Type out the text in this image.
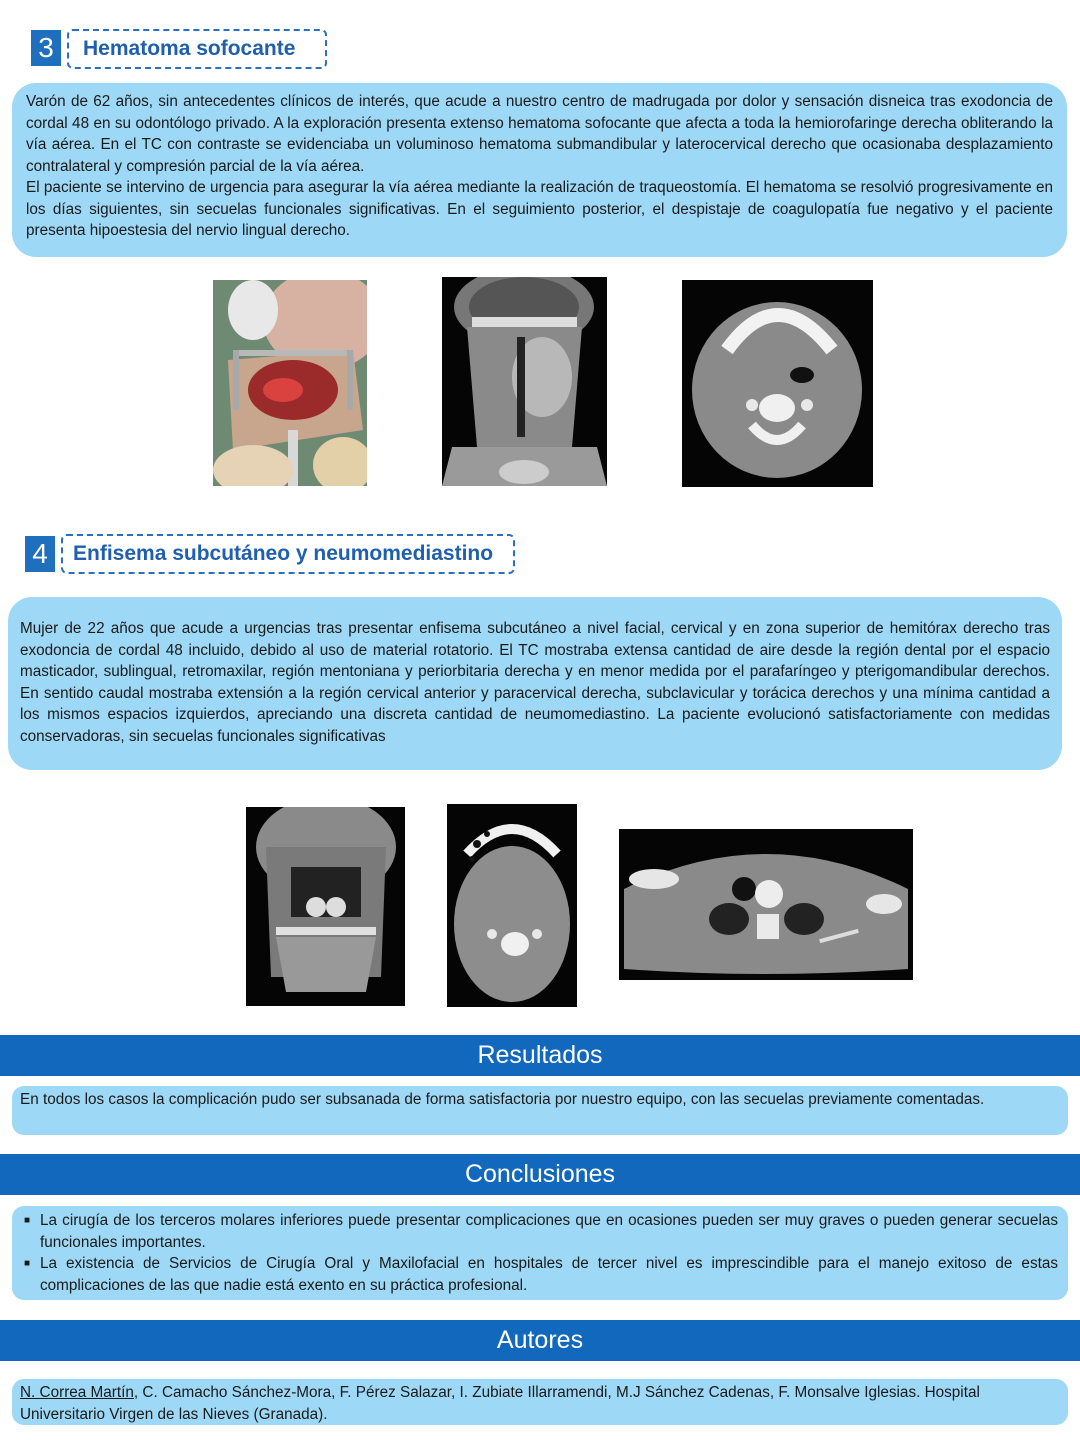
3	Hematoma sofocante

Varón de 62 años, sin antecedentes clínicos de interés, que acude a nuestro centro de madrugada por dolor y sensación disneica tras exodoncia de cordal 48 en su odontólogo privado. A la exploración presenta extenso hematoma sofocante que afecta a toda la hemiorofaringe derecha obliterando la vía aérea. En el TC con contraste se evidenciaba un voluminoso hematoma submandibular y laterocervical derecho que ocasionaba desplazamiento contralateral y compresión parcial de la vía aérea.

El paciente se intervino de urgencia para asegurar la vía aérea mediante la realización de traqueostomía. El hematoma se resolvió progresivamente en los días siguientes, sin secuelas funcionales significativas. En el seguimiento posterior, el despistaje de coagulopatía fue negativo y el paciente presenta hipoestesia del nervio lingual derecho.

4	Enfisema subcutáneo y neumomediastino

Mujer de 22 años que acude a urgencias tras presentar enfisema subcutáneo a nivel facial, cervical y en zona superior de hemitórax derecho tras exodoncia de cordal 48 incluido, debido al uso de material rotatorio. El TC mostraba extensa cantidad de aire desde la región dental por el espacio masticador, sublingual, retromaxilar, región mentoniana y periorbitaria derecha y en menor medida por el parafaríngeo y pterigomandibular derechos. En sentido caudal mostraba extensión a la región cervical anterior y paracervical derecha, subclavicular y torácica derechos y una mínima cantidad a los mismos espacios izquierdos, apreciando una discreta cantidad de neumomediastino. La paciente evolucionó satisfactoriamente con medidas conservadoras, sin secuelas funcionales significativas

Resultados
En todos los casos la complicación pudo ser subsanada de forma satisfactoria por nuestro equipo, con las secuelas previamente comentadas.
Conclusiones
■ La cirugía de los terceros molares inferiores puede presentar complicaciones que en ocasiones pueden ser muy graves o pueden generar secuelas funcionales importantes.
■ La existencia de Servicios de Cirugía Oral y Maxilofacial en hospitales de tercer nivel es imprescindible para el manejo exitoso de estas complicaciones de las que nadie está exento en su práctica profesional.
Autores
N. Correa Martín, C. Camacho Sánchez-Mora, F. Pérez Salazar, I. Zubiate Illarramendi, M.J Sánchez Cadenas, F. Monsalve Iglesias. Hospital Universitario Virgen de las Nieves (Granada).
